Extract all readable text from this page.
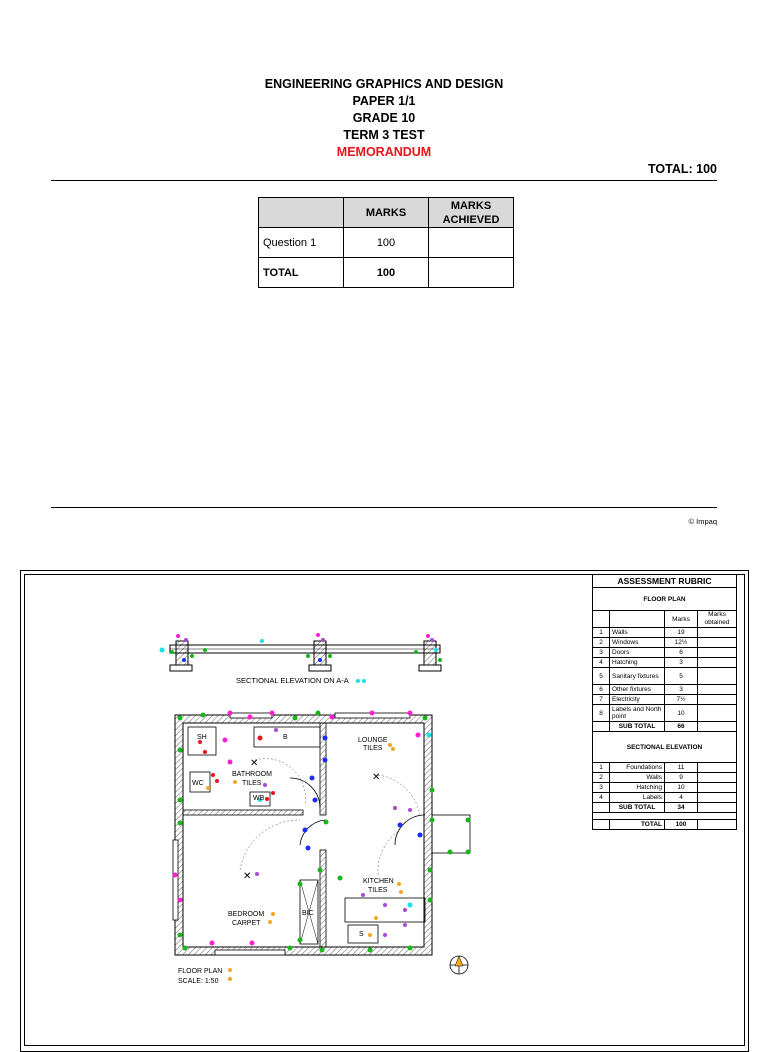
ENGINEERING GRAPHICS AND DESIGN
PAPER 1/1
GRADE 10
TERM 3 TEST
MEMORANDUM
TOTAL: 100
	MARKS	MARKS
ACHIEVED
Question 1	100	
TOTAL	100	
© Impaq
SECTIONAL ELEVATION ON A-A
✕
✕
✕
SH	B
BATHROOM
TILES
WC
WB
LOUNGE
TILES
KITCHEN
TILES
BEDROOM
CARPET
BIC
S
FLOOR PLAN
SCALE: 1:50
ASSESSMENT RUBRIC			
FLOOR PLAN			
		Marks	Marks
obtained
1	Walls	19	
2	Windows	12½	
3	Doors	6	
4	Hatching	3	
5	Sanitary fixtures	5	
6	Other fixtures	3	
7	Electricity	7½	
8	Labels and North point	10	
	SUB TOTAL	66	
SECTIONAL ELEVATION			
1	Foundations	11	
2	Walls	9	
3	Hatching	10	
4	Labels	4	
	SUB TOTAL	34	

	TOTAL	100	
